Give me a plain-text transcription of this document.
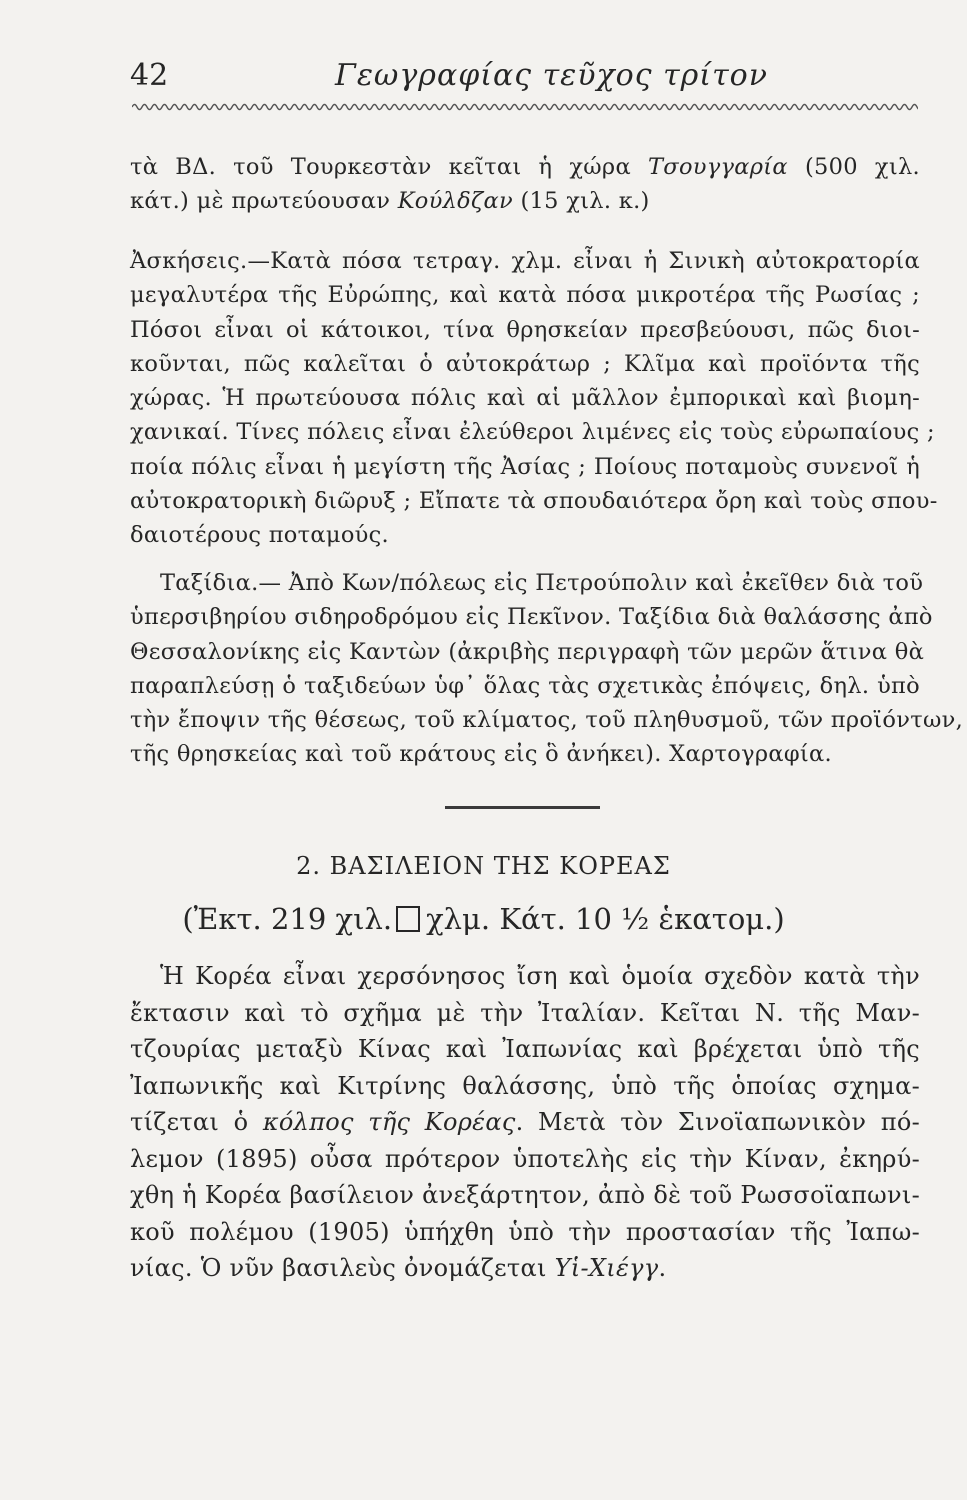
42	Γεωγραφίας τεῦχος τρίτον

τὰ ΒΔ. τοῦ Τουρκεστὰν κεῖται ἡ χώρα Τσουγγαρία (500 χιλ.

κάτ.) μὲ πρωτεύουσαν Κούλδζαν (15 χιλ. κ.)

Ἀσκήσεις.—Κατὰ πόσα τετραγ. χλμ. εἶναι ἡ Σινικὴ αὐτοκρατορία

μεγαλυτέρα τῆς Εὐρώπης, καὶ κατὰ πόσα μικροτέρα τῆς Ρωσίας ;

Πόσοι εἶναι οἱ κάτοικοι, τίνα θρησκείαν πρεσβεύουσι, πῶς διοι-

κοῦνται, πῶς καλεῖται ὁ αὐτοκράτωρ ; Κλῖμα καὶ προϊόντα τῆς

χώρας. Ἡ πρωτεύουσα πόλις καὶ αἱ μᾶλλον ἐμπορικαὶ καὶ βιομη-

χανικαί. Τίνες πόλεις εἶναι ἐλεύθεροι λιμένες εἰς τοὺς εὐρωπαίους ;

ποία πόλις εἶναι ἡ μεγίστη τῆς Ἀσίας ; Ποίους ποταμοὺς συνενοῖ ἡ

αὐτοκρατορικὴ διῶρυξ ; Εἴπατε τὰ σπουδαιότερα ὄρη καὶ τοὺς σπου-

δαιοτέρους ποταμούς.

Ταξίδια.— Ἀπὸ Κων/πόλεως εἰς Πετρούπολιν καὶ ἐκεῖθεν διὰ τοῦ

ὑπερσιβηρίου σιδηροδρόμου εἰς Πεκῖνον. Ταξίδια διὰ θαλάσσης ἀπὸ

Θεσσαλονίκης εἰς Καντὼν (ἀκριβὴς περιγραφὴ τῶν μερῶν ἅτινα θὰ

παραπλεύσῃ ὁ ταξιδεύων ὑφ᾽ ὅλας τὰς σχετικὰς ἐπόψεις, δηλ. ὑπὸ

τὴν ἔποψιν τῆς θέσεως, τοῦ κλίματος, τοῦ πληθυσμοῦ, τῶν προϊόντων,

τῆς θρησκείας καὶ τοῦ κράτους εἰς ὃ ἀνήκει). Χαρτογραφία.

2. ΒΑΣΙΛΕΙΟΝ ΤΗΣ ΚΟΡΕΑΣ
(Ἐκτ. 219 χιλ. χλμ. Κάτ. 10 ½ ἑκατομ.)

Ἡ Κορέα εἶναι χερσόνησος ἴση καὶ ὁμοία σχεδὸν κατὰ τὴν

ἔκτασιν καὶ τὸ σχῆμα μὲ τὴν Ἰταλίαν. Κεῖται Ν. τῆς Μαν-

τζουρίας μεταξὺ Κίνας καὶ Ἰαπωνίας καὶ βρέχεται ὑπὸ τῆς

Ἰαπωνικῆς καὶ Κιτρίνης θαλάσσης, ὑπὸ τῆς ὁποίας σχημα-

τίζεται ὁ κόλπος τῆς Κορέας. Μετὰ τὸν Σινοϊαπωνικὸν πό-

λεμον (1895) οὖσα πρότερον ὑποτελὴς εἰς τὴν Κίναν, ἐκηρύ-

χθη ἡ Κορέα βασίλειον ἀνεξάρτητον, ἀπὸ δὲ τοῦ Ρωσσοϊαπωνι-

κοῦ πολέμου (1905) ὑπήχθη ὑπὸ τὴν προστασίαν τῆς Ἰαπω-

νίας. Ὁ νῦν βασιλεὺς ὀνομάζεται Υἱ-Χιέγγ.
